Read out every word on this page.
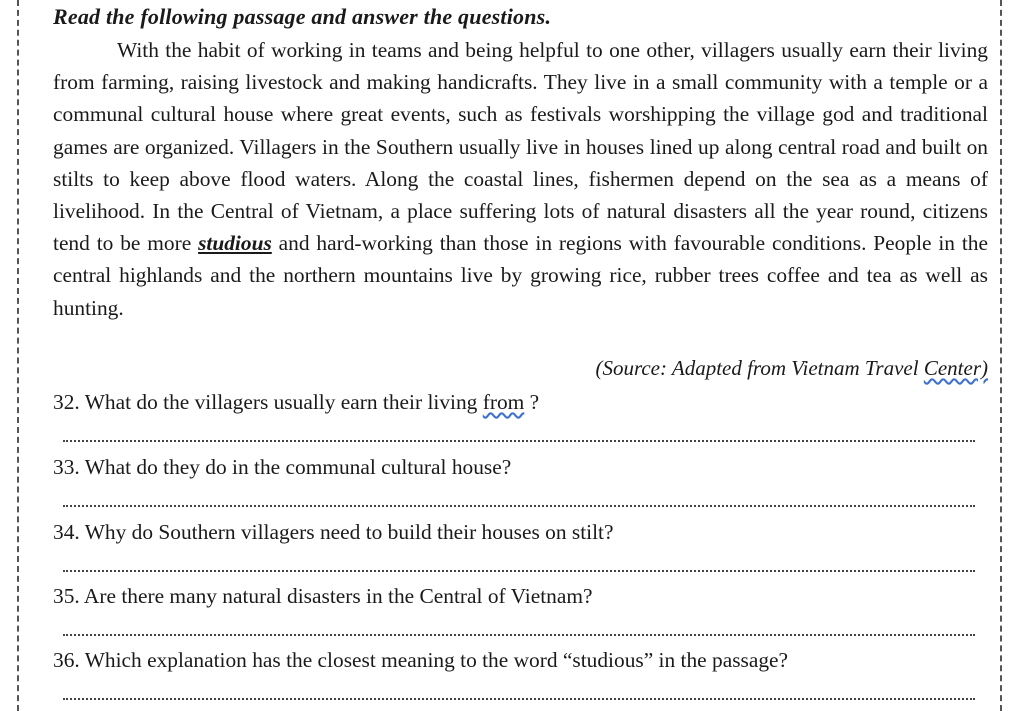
Read the following passage and answer the questions.

With the habit of working in teams and being helpful to one other, villagers usually earn their living from farming, raising livestock and making handicrafts. They live in a small community with a temple or a communal cultural house where great events, such as festivals worshipping the village god and traditional games are organized. Villagers in the Southern usually live in houses lined up along central road and built on stilts to keep above flood waters. Along the coastal lines, fishermen depend on the sea as a means of livelihood. In the Central of Vietnam, a place suffering lots of natural disasters all the year round, citizens tend to be more studious and hard-working than those in regions with favourable conditions. People in the central highlands and the northern mountains live by growing rice, rubber trees coffee and tea as well as hunting.

(Source: Adapted from Vietnam Travel Center)
32. What do the villagers usually earn their living from ?
33. What do they do in the communal cultural house?
34. Why do Southern villagers need to build their houses on stilt?
35. Are there many natural disasters in the Central of Vietnam?
36. Which explanation has the closest meaning to the word “studious” in the passage?
